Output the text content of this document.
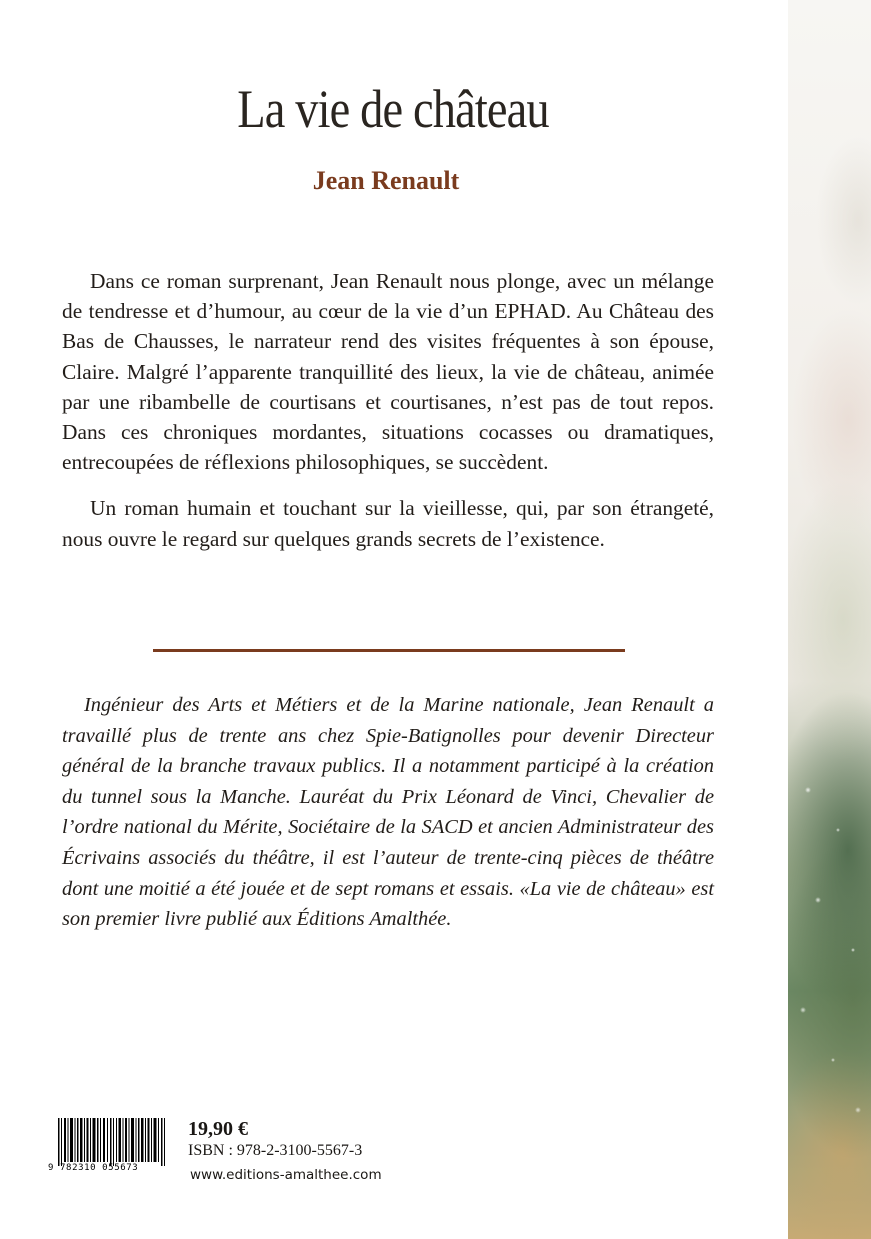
La vie de château
Jean Renault

Dans ce roman surprenant, Jean Renault nous plonge, avec un mélange de tendresse et d’humour, au cœur de la vie d’un EPHAD. Au Château des Bas de Chausses, le narrateur rend des visites fréquentes à son épouse, Claire. Malgré l’apparente tranquillité des lieux, la vie de château, animée par une ribambelle de courtisans et courtisanes, n’est pas de tout repos. Dans ces chroniques mordantes, situations cocasses ou dramatiques, entrecoupées de réflexions philosophiques, se succèdent.

Un roman humain et touchant sur la vieillesse, qui, par son étrangeté, nous ouvre le regard sur quelques grands secrets de l’existence.

Ingénieur des Arts et Métiers et de la Marine nationale, Jean Renault a travaillé plus de trente ans chez Spie-Batignolles pour devenir Directeur général de la branche travaux publics. Il a notamment participé à la création du tunnel sous la Manche. Lauréat du Prix Léonard de Vinci, Chevalier de l’ordre national du Mérite, Sociétaire de la SACD et ancien Administrateur des Écrivains associés du théâtre, il est l’auteur de trente-cinq pièces de théâtre dont une moitié a été jouée et de sept romans et essais. «La vie de château» est son premier livre publié aux Éditions Amalthée.

9 782310 055673
19,90 €
ISBN : 978-2-3100-5567-3
www.editions-amalthee.com
